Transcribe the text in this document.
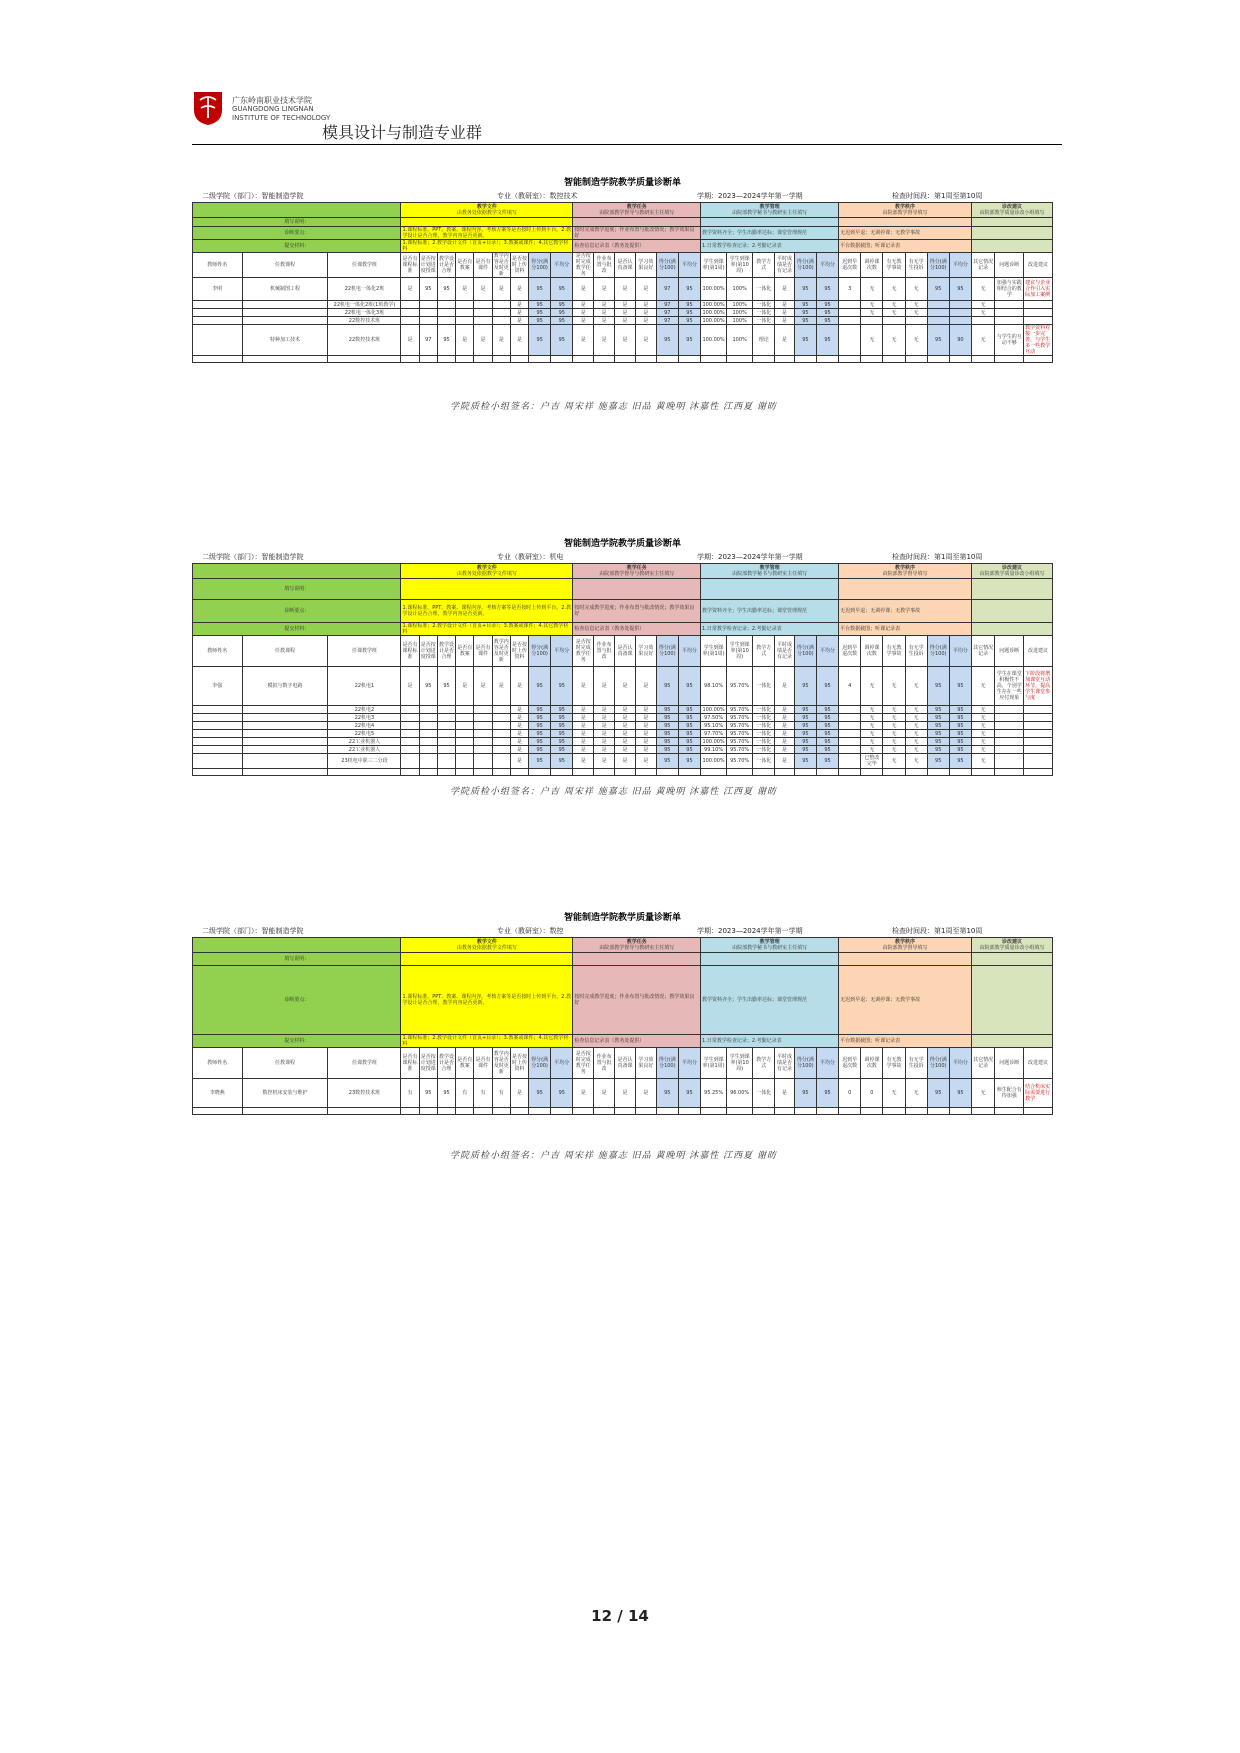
广东岭南职业技术学院
GUANGDONG LINGNAN
INSTITUTE OF TECHNOLOGY
模具设计与制造专业群
智能制造学院教学质量诊断单
二级学院（部门）：智能制造学院	专业（教研室）：数控技术	学期：2023—2024学年第一学期	检查时间段：第1周至第10周
			教学文件
由教务处依据教学文件填写									教学任务
由院部教学督导与教研室主任填写						教学管理
由院部教学秘书与教研室主任填写						教学秩序
由院部教学督导填写						诊改建议
由院部教学质量诊改小组填写		
填写说明：																																
诊断要点：			1.课程标准、PPT、教案、课程内容、考核方案等是否按时上传到平台。2.教学设计是否合理，教学内容是否更新。									按时完成教学进度；作业布置与批改情况；教学效果良好						教学资料齐全；学生出勤率达标；课堂管理规范						无迟到早退；无调停课；无教学事故								
提交材料：			1.课程标准；2.教学设计文件（首页+目录）；3.教案或课件；4.其它教学材料									检查信息记录表（教务处提供）						1.日常教学检查记录；2.考勤记录表						平台数据截图；听课记录表								
教师姓名	任教课程	任课教学班	是否有课程标准	是否按计划进度授课	教学设计是否合理	是否有教案	是否有课件	教学内容是否及时更新	是否按时上传资料	得分(满分100)	平均分	是否按时完成教学任务	作业布置与批改	是否认真备课	学习效果良好	得分(满分100)	平均分	学生到课率(第1周)	学生到课率(第10周)	教学方式	平时成绩是否有记录	得分(满分100)	平均分	迟到早退次数	调停课次数	有无教学事故	有无学生投诉	得分(满分100)	平均分	其它情况记录	问题诊断	改进建议
李明	机械制图工程	22机电一体化2班	是	95	95	是	是	是	是	95	95	是	是	是	是	97	95	100.00%	100%	一体化	是	95	95	3	无	无	无	95	95	无	加强与实践相结合的教学	建议与企业合作引入实际加工案例
		22机电一体化2班(1班教学)							是	95	95	是	是	是	是	97	95	100.00%	100%	一体化	是	95	95		无	无	无			无		
		22机电一体化3班							是	95	95	是	是	是	是	97	95	100.00%	100%	一体化	是	95	95		无	无	无			无		
		22数控技术班							是	95	95	是	是	是	是	97	95	100.00%	100%	一体化	是	95	95									
	特种加工技术	22数控技术班	是	97	95	是	是	是	是	95	95	是	是	是	是	95	95	100.00%	100%	理论	是	95	95		无	无	无	95	90	无	与学生的互动不够	教学资料对接一步完善，与学生多一些教学互动

智能制造学院教学质量诊断单
二级学院（部门）：智能制造学院	专业（教研室）：机电	学期：2023—2024学年第一学期	检查时间段：第1周至第10周
			教学文件
由教务处依据教学文件填写									教学任务
由院部教学督导与教研室主任填写						教学管理
由院部教学秘书与教研室主任填写						教学秩序
由院部教学督导填写						诊改建议
由院部教学质量诊改小组填写		
填写说明：																																
诊断要点：			1.课程标准、PPT、教案、课程内容、考核方案等是否按时上传到平台。2.教学设计是否合理，教学内容是否更新。									按时完成教学进度；作业布置与批改情况；教学效果良好						教学资料齐全；学生出勤率达标；课堂管理规范						无迟到早退；无调停课；无教学事故								
提交材料：			1.课程标准；2.教学设计文件（首页+目录）；3.教案或课件；4.其它教学材料									检查信息记录表（教务处提供）						1.日常教学检查记录；2.考勤记录表						平台数据截图；听课记录表								
教师姓名	任教课程	任课教学班	是否有课程标准	是否按计划进度授课	教学设计是否合理	是否有教案	是否有课件	教学内容是否及时更新	是否按时上传资料	得分(满分100)	平均分	是否按时完成教学任务	作业布置与批改	是否认真备课	学习效果良好	得分(满分100)	平均分	学生到课率(第1周)	学生到课率(第10周)	教学方式	平时成绩是否有记录	得分(满分100)	平均分	迟到早退次数	调停课次数	有无教学事故	有无学生投诉	得分(满分100)	平均分	其它情况记录	问题诊断	改进建议
李强	模拟与数字电路	22机电1	是	95	95	是	是	是	是	95	95	是	是	是	是	95	95	98.10%	95.70%	一体化	是	95	95	4	无	无	无	95	95	无	学生在课堂积极性不高，个别学生存在一些应付现象	下阶段将增加课堂互动环节，提高学生课堂参与度
		22机电2							是	95	95	是	是	是	是	95	95	100.00%	95.70%	一体化	是	95	95		无	无	无	95	95	无		
		22机电3							是	95	95	是	是	是	是	95	95	97.50%	95.70%	一体化	是	95	95		无	无	无	95	95	无		
		22机电4							是	95	95	是	是	是	是	95	95	95.10%	95.70%	一体化	是	95	95		无	无	无	95	95	无		
		22机电5							是	95	95	是	是	是	是	95	95	97.70%	95.70%	一体化	是	95	95		无	无	无	95	95	无		
		22工业机器人							是	95	95	是	是	是	是	95	95	100.00%	95.70%	一体化	是	95	95		无	无	无	95	95	无		
		22工业机器人							是	95	95	是	是	是	是	95	95	99.10%	95.70%	一体化	是	95	95		无	无	无	95	95	无		
		23机电中职三二分段							是	95	95	是	是	是	是	95	95	100.00%	95.70%	一体化	是	95	95		已整改完毕	无	无	95	95	无		

智能制造学院教学质量诊断单
二级学院（部门）：智能制造学院	专业（教研室）：数控	学期：2023—2024学年第一学期	检查时间段：第1周至第10周
			教学文件
由教务处依据教学文件填写									教学任务
由院部教学督导与教研室主任填写						教学管理
由院部教学秘书与教研室主任填写						教学秩序
由院部教学督导填写						诊改建议
由院部教学质量诊改小组填写		
填写说明：																																
诊断要点：			1.课程标准、PPT、教案、课程内容、考核方案等是否按时上传到平台。2.教学设计是否合理，教学内容是否更新。									按时完成教学进度；作业布置与批改情况；教学效果良好						教学资料齐全；学生出勤率达标；课堂管理规范						无迟到早退；无调停课；无教学事故								
提交材料：			1.课程标准；2.教学设计文件（首页+目录）；3.教案或课件；4.其它教学材料									检查信息记录表（教务处提供）						1.日常教学检查记录；2.考勤记录表						平台数据截图；听课记录表								
教师姓名	任教课程	任课教学班	是否有课程标准	是否按计划进度授课	教学设计是否合理	是否有教案	是否有课件	教学内容是否及时更新	是否按时上传资料	得分(满分100)	平均分	是否按时完成教学任务	作业布置与批改	是否认真备课	学习效果良好	得分(满分100)	平均分	学生到课率(第1周)	学生到课率(第10周)	教学方式	平时成绩是否有记录	得分(满分100)	平均分	迟到早退次数	调停课次数	有无教学事故	有无学生投诉	得分(满分100)	平均分	其它情况记录	问题诊断	改进建议
李晓燕	数控机床安装与维护	23数控技术班	有	95	95	有	有	有	是	95	95	是	是	是	是	95	95	95.25%	96.00%	一体化	是	95	95	0	0	无	无	95	95	无	师生配合有待加强	结合机床实际需要进行教学

学院质检小组签名：户吉 周宋祥 施嘉志 旧品 黄晚明 沐嘉性 江西夏 谢昉
学院质检小组签名：户吉 周宋祥 施嘉志 旧品 黄晚明 沐嘉性 江西夏 谢昉
学院质检小组签名：户吉 周宋祥 施嘉志 旧品 黄晚明 沐嘉性 江西夏 谢昉
12 / 14
